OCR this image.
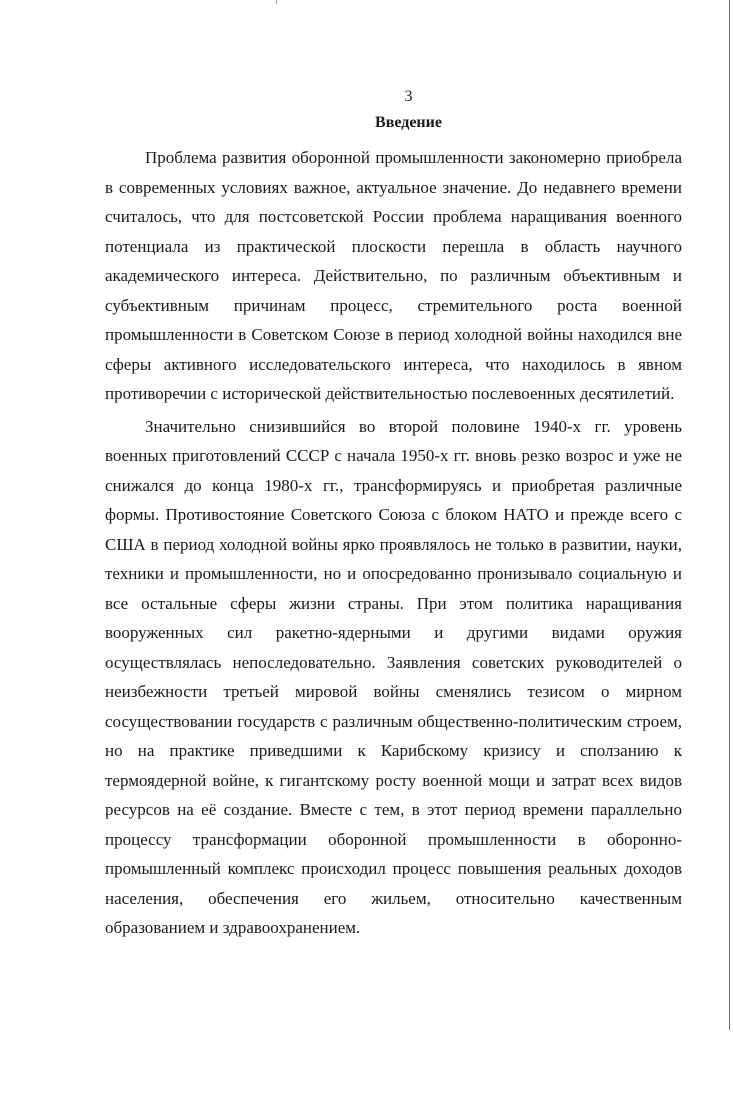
3

Введение

Проблема развития оборонной промышленности закономерно приобрела в современных условиях важное, актуальное значение. До недавнего времени считалось, что для постсоветской России проблема наращивания военного потенциала из практической плоскости перешла в область научного академического интереса. Действительно, по различным объективным и субъективным причинам процесс, стремительного роста военной промышленности в Советском Союзе в период холодной войны находился вне сферы активного исследовательского интереса, что находилось в явном противоречии с исторической действительностью послевоенных десятилетий.

Значительно снизившийся во второй половине 1940-х гг. уровень военных приготовлений СССР с начала 1950-х гг. вновь резко возрос и уже не снижался до конца 1980-х гг., трансформируясь и приобретая различные формы. Противостояние Советского Союза с блоком НАТО и прежде всего с США в период холодной войны ярко проявлялось не только в развитии, науки, техники и промышленности, но и опосредованно пронизывало социальную и все остальные сферы жизни страны. При этом политика наращивания вооруженных сил ракетно-ядерными и другими видами оружия осуществлялась непоследовательно. Заявления советских руководителей о неизбежности третьей мировой войны сменялись тезисом о мирном сосуществовании государств с различным общественно-политическим строем, но на практике приведшими к Карибскому кризису и сползанию к термоядерной войне, к гигантскому росту военной мощи и затрат всех видов ресурсов на её создание. Вместе с тем, в этот период времени параллельно процессу трансформации оборонной промышленности в оборонно-промышленный комплекс происходил процесс повышения реальных доходов населения, обеспечения его жильем, относительно качественным образованием и здравоохранением.
